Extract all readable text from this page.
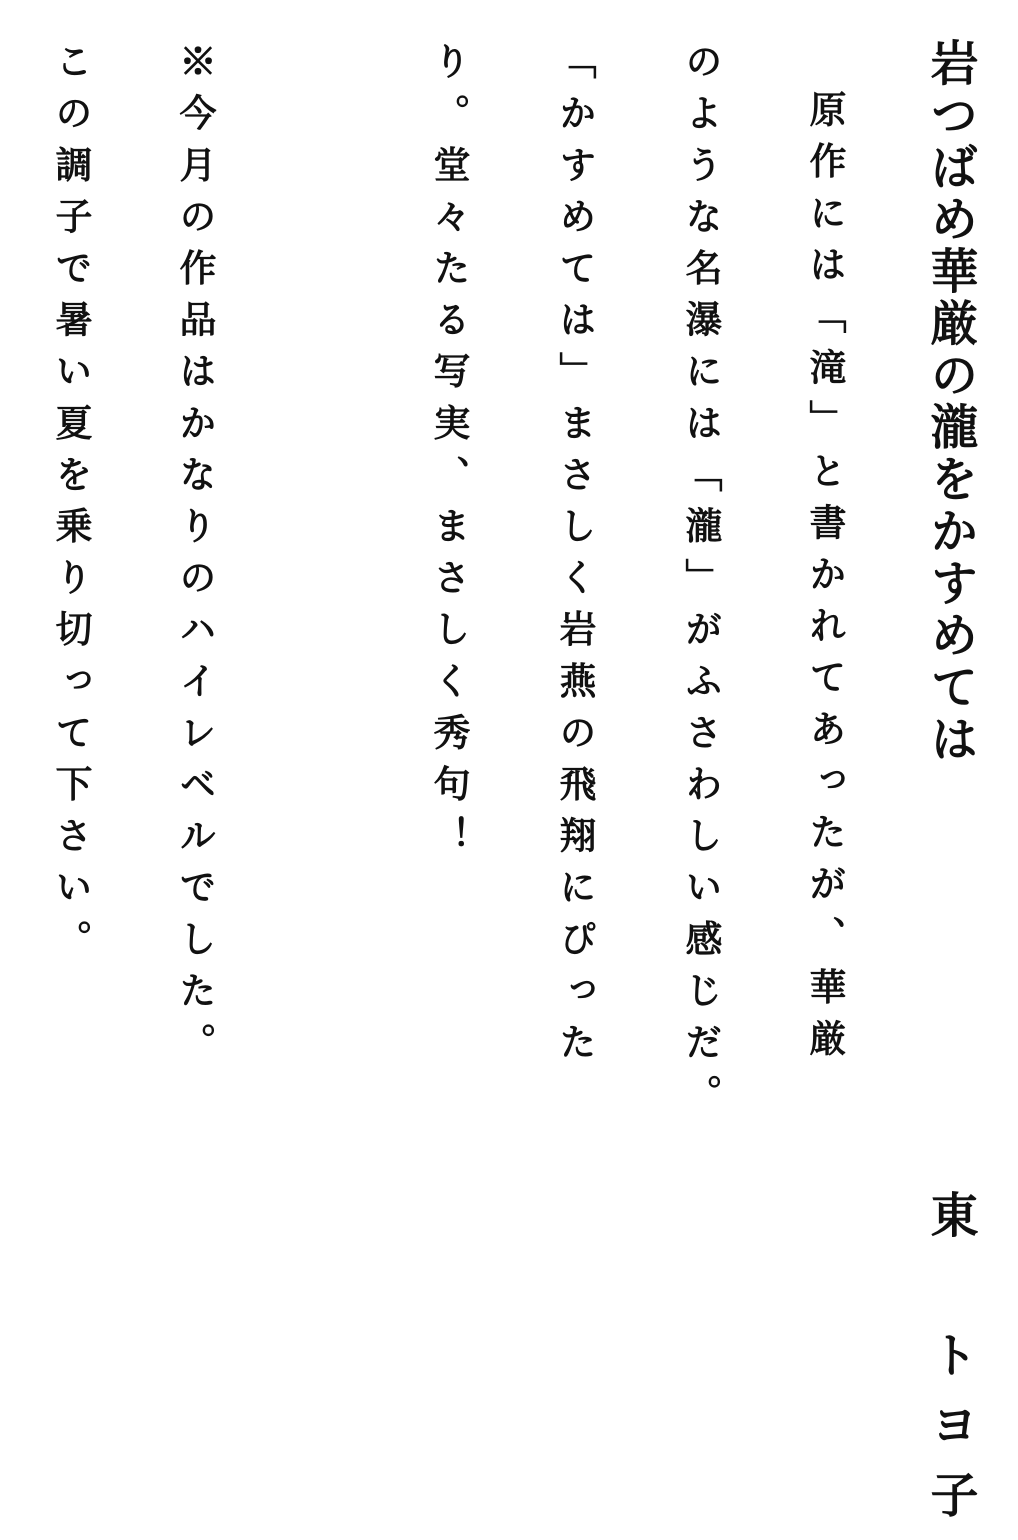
岩つばめ華厳の瀧をかすめては
東　トヨ子
原作には「滝」と書かれてあったが、華厳
のような名瀑には「瀧」がふさわしい感じだ。
「かすめては」まさしく岩燕の飛翔にぴった
り。堂々たる写実、まさしく秀句！
※今月の作品はかなりのハイレベルでした。
この調子で暑い夏を乗り切って下さい。
